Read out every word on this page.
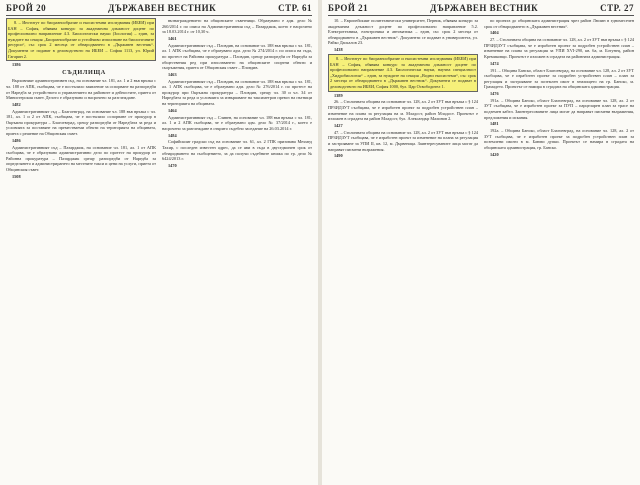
БРОЙ 20	ДЪРЖАВЕН ВЕСТНИК	СТР. 61

8. – Институт по биоразнообразие и екосистемни изследвания (ИБЕИ) при БАН – София, обявява конкурс за академична длъжност доцент по професионално направление 4.3. Биологически науки (Зоология) – един, за нуждите на секция „Биоразнообразие и устойчиво използване на биологичните ресурси“, със срок 2 месеца от обнародването в „Държавен вестник“. Документи се подават в деловодството на ИБЕИ – София 1113, ул. Юрий Гагарин 2.

1386

СЪДИЛИЩА

Върховният административен съд, на основание чл. 181, ал. 1 и 2 във връзка с чл. 188 от АПК, съобщава, че е постъпило заявление за оспорване на разпоредби от Наредба за устройството и управлението на районите и дейностите, приета от Министерския съвет. Делото е образувано и насрочено за разглеждане.

1482

Административният съд – Благоевград, на основание чл. 188 във връзка с чл. 181, ал. 1 и 2 от АПК, съобщава, че е постъпило оспорване от прокурор в Окръжна прокуратура – Благоевград, срещу разпоредби от Наредбата за реда и условията за поставяне на преместваеми обекти на територията на общината, приета с решение на Общинския съвет.

1486

Административният съд – Пазарджик, на основание чл. 181, ал. 1 от АПК съобщава, че е образувано административно дело по протест на прокурор от Районна прокуратура – Пазарджик срещу разпоредби от Наредба за определянето и администрирането на местните такси и цени на услуги, приета от Общинския съвет.

1508

възнаграждението на общинските съветници. Образувано е адм. дело № 260/2014 г. по описа на Административния съд – Пазарджик, което е насрочено за 18.03.2014 г. от 10,30 ч.

1461

Административният съд – Пловдив, на основание чл. 188 във връзка с чл. 181, ал. 1 АПК съобщава, че е образувано адм. дело № 274/2014 г. по описа на съда, по протест на Районна прокуратура – Пловдив, срещу разпоредби от Наредба за обществения ред при използването на общинските спортни обекти и съоръжения, приета от Общинския съвет – Пловдив.

1463

Административният съд – Пловдив, на основание чл. 188 във връзка с чл. 181, ал. 1 АПК съобщава, че е образувано адм. дело № 276/2014 г. по протест на прокурор при Окръжна прокуратура – Пловдив, срещу чл. 30 и чл. 34 от Наредбата за реда и условията за извършване на таксиметров превоз на пътници на територията на общината.

1464

Административният съд – Сливен, на основание чл. 188 във връзка с чл. 181, ал. 1 и 2 АПК съобщава, че е образувано адм. дело № 37/2014 г., което е насрочено за разглеждане в открито съдебно заседание на 26.03.2014 г.

1484

Софийският градски съд на основание чл. 61, ал. 2 ГПК призовава Мехмед Тахир, с последен известен адрес, да се яви в съда в двуседмичен срок от обнародването на съобщението, за да получи съдебните книжа по гр. дело № 6424/2013 г.

1470

БРОЙ 21	ДЪРЖАВЕН ВЕСТНИК	СТР. 27

10. – Европейският политехнически университет, Перник, обявява конкурс за академична длъжност доцент по професионално направление 5.2. Електротехника, електроника и автоматика – един, със срок 2 месеца от обнародването в „Държавен вестник“. Документи се подават в университета, ул. Райко Даскалов 23.

1438

8. – Институт по биоразнообразие и екосистемни изследвания (ИБЕИ) при БАН – София, обявява конкурс за академична длъжност доцент по професионално направление 4.3. Биологически науки, научна специалност „Хидробиология“ – един, за нуждите на секция „Водни екосистеми“, със срок 2 месеца от обнародването в „Държавен вестник“. Документи се подават в деловодството на ИБЕИ, София 1000, бул. Цар Освободител 1.

1389

26. – Столичната община на основание чл. 128, ал. 2 от ЗУТ във връзка с § 124 ПРЗИДЗУТ съобщава, че е изработен проект за подробен устройствен план – изменение на плана за регулация на м. Младост, район Младост. Проектът е изложен в сградата на район Младост, бул. Александър Малинов 2.

1427

47. – Столичната община на основание чл. 128, ал. 2 от ЗУТ във връзка с § 124 ПРЗИДЗУТ съобщава, че е изработен проект за изменение на плана за регулация и застрояване за УПИ II, кв. 12, м. Дървеница. Заинтересуваните лица могат да направят писмени възражения.

1490

по проекта до общинската администрация чрез район Люлин в едномесечен срок от обнародването в „Държавен вестник“.

1404

27. – Столичната община на основание чл. 128, ал. 2 от ЗУТ във връзка с § 124 ПРЗИДЗУТ съобщава, че е изработен проект за подробен устройствен план – изменение на плана за регулация за УПИ ХVI-290, кв. 6а, м. Ботунец, район Кремиковци. Проектът е изложен в сградата на районната администрация.

1474

191. – Община Банско, област Благоевград, на основание чл. 128, ал. 2 от ЗУТ съобщава, че е изработен проект за подробен устройствен план – план за регулация и застрояване за поземлен имот в землището на гр. Банско, м. Грамадето. Проектът се намира в сградата на общинската администрация.

1476

191a. – Община Банско, област Благоевград, на основание чл. 128, ал. 2 от ЗУТ съобщава, че е изработен проект за ПУП – парцеларен план за трасе на подземен кабел. Заинтересованите лица могат да направят писмени възражения, предложения и искания.

1481

192a. – Община Банско, област Благоевград, на основание чл. 128, ал. 2 от ЗУТ съобщава, че е изработен проект за подробен устройствен план за поземлени имоти в м. Баюви дупки. Проектът се намира в сградата на общинската администрация, гр. Банско.

1420
